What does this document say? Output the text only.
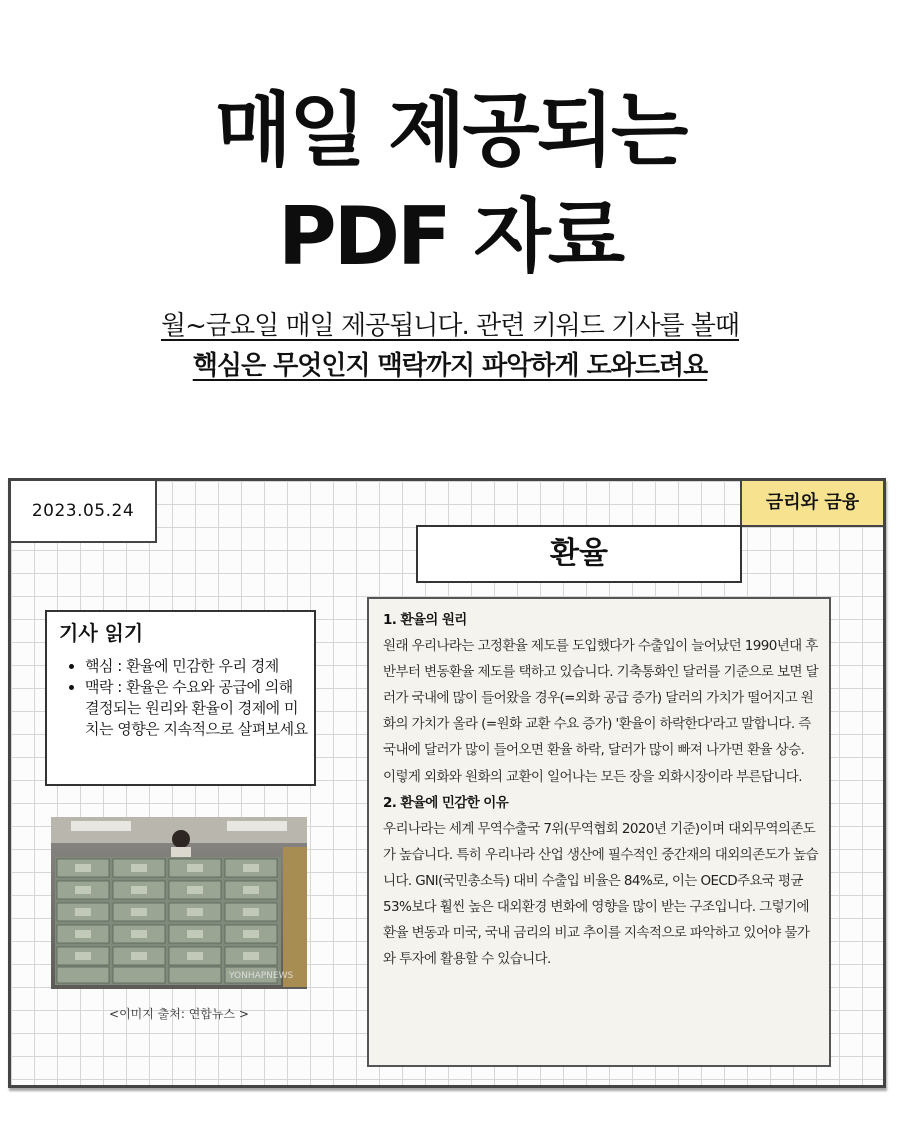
매일 제공되는
PDF 자료
월~금요일 매일 제공됩니다. 관련 키워드 기사를 볼때
핵심은 무엇인지 맥락까지 파악하게 도와드려요
2023.05.24	금리와 금융
환율
기사 읽기
• 핵심 : 환율에 민감한 우리 경제
• 맥락 : 환율은 수요와 공급에 의해 결정되는 원리와 환율이 경제에 미치는 영향은 지속적으로 살펴보세요
YONHAPNEWS
<이미지 출처: 연합뉴스 >

1. 환율의 원리

원래 우리나라는 고정환율 제도를 도입했다가 수출입이 늘어났던 1990년대 후반부터 변동환율 제도를 택하고 있습니다. 기축통화인 달러를 기준으로 보면 달러가 국내에 많이 들어왔을 경우(=외화 공급 증가) 달러의 가치가 떨어지고 원화의 가치가 올라 (=원화 교환 수요 증가) '환율이 하락한다'라고 말합니다. 즉 국내에 달러가 많이 들어오면 환율 하락, 달러가 많이 빠져 나가면 환율 상승.

이렇게 외화와 원화의 교환이 일어나는 모든 장을 외화시장이라 부른답니다.

2. 환율에 민감한 이유

우리나라는 세계 무역수출국 7위(무역협회 2020년 기준)이며 대외무역의존도가 높습니다. 특히 우리나라 산업 생산에 필수적인 중간재의 대외의존도가 높습니다. GNI(국민총소득) 대비 수출입 비율은 84%로, 이는 OECD주요국 평균 53%보다 훨씬 높은 대외환경 변화에 영향을 많이 받는 구조입니다. 그렇기에 환율 변동과 미국, 국내 금리의 비교 추이를 지속적으로 파악하고 있어야 물가와 투자에 활용할 수 있습니다.
